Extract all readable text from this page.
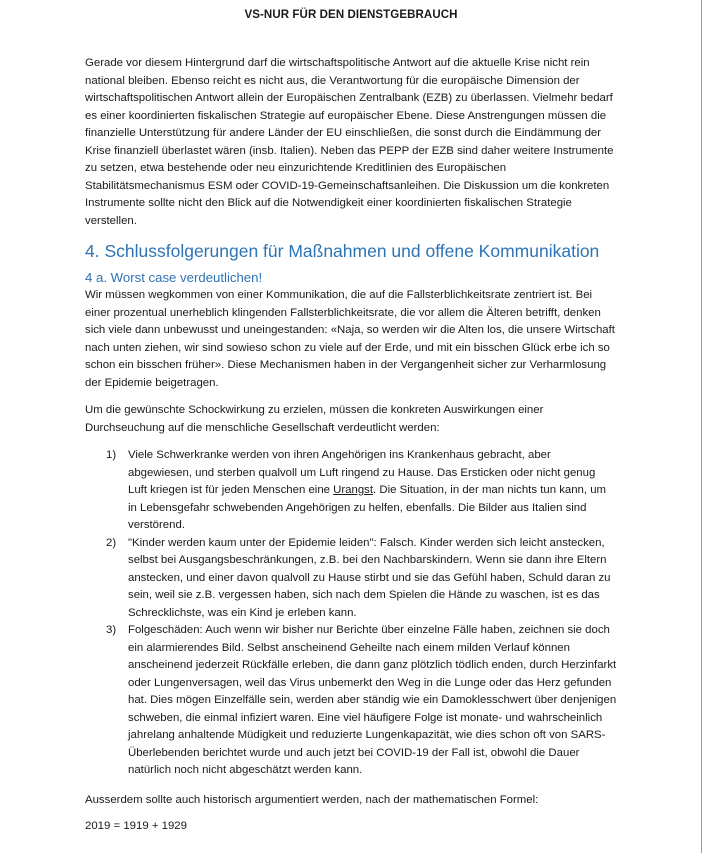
VS-NUR FÜR DEN DIENSTGEBRAUCH

Gerade vor diesem Hintergrund darf die wirtschaftspolitische Antwort auf die aktuelle Krise nicht rein national bleiben. Ebenso reicht es nicht aus, die Verantwortung für die europäische Dimension der wirtschaftspolitischen Antwort allein der Europäischen Zentralbank (EZB) zu überlassen. Vielmehr bedarf es einer koordinierten fiskalischen Strategie auf europäischer Ebene. Diese Anstrengungen müssen die finanzielle Unterstützung für andere Länder der EU einschließen, die sonst durch die Eindämmung der Krise finanziell überlastet wären (insb. Italien). Neben das PEPP der EZB sind daher weitere Instrumente zu setzen, etwa bestehende oder neu einzurichtende Kreditlinien des Europäischen Stabilitätsmechanismus ESM oder COVID-19-Gemeinschaftsanleihen. Die Diskussion um die konkreten Instrumente sollte nicht den Blick auf die Notwendigkeit einer koordinierten fiskalischen Strategie verstellen.

4. Schlussfolgerungen für Maßnahmen und offene Kommunikation
4 a. Worst case verdeutlichen!

Wir müssen wegkommen von einer Kommunikation, die auf die Fallsterblichkeitsrate zentriert ist. Bei einer prozentual unerheblich klingenden Fallsterblichkeitsrate, die vor allem die Älteren betrifft, denken sich viele dann unbewusst und uneingestanden: «Naja, so werden wir die Alten los, die unsere Wirtschaft nach unten ziehen, wir sind sowieso schon zu viele auf der Erde, und mit ein bisschen Glück erbe ich so schon ein bisschen früher». Diese Mechanismen haben in der Vergangenheit sicher zur Verharmlosung der Epidemie beigetragen.

Um die gewünschte Schockwirkung zu erzielen, müssen die konkreten Auswirkungen einer Durchseuchung auf die menschliche Gesellschaft verdeutlicht werden:

1) Viele Schwerkranke werden von ihren Angehörigen ins Krankenhaus gebracht, aber abgewiesen, und sterben qualvoll um Luft ringend zu Hause. Das Ersticken oder nicht genug Luft kriegen ist für jeden Menschen eine Urangst. Die Situation, in der man nichts tun kann, um in Lebensgefahr schwebenden Angehörigen zu helfen, ebenfalls. Die Bilder aus Italien sind verstörend.
2) "Kinder werden kaum unter der Epidemie leiden": Falsch. Kinder werden sich leicht anstecken, selbst bei Ausgangsbeschränkungen, z.B. bei den Nachbarskindern. Wenn sie dann ihre Eltern anstecken, und einer davon qualvoll zu Hause stirbt und sie das Gefühl haben, Schuld daran zu sein, weil sie z.B. vergessen haben, sich nach dem Spielen die Hände zu waschen, ist es das Schrecklichste, was ein Kind je erleben kann.
3) Folgeschäden: Auch wenn wir bisher nur Berichte über einzelne Fälle haben, zeichnen sie doch ein alarmierendes Bild. Selbst anscheinend Geheilte nach einem milden Verlauf können anscheinend jederzeit Rückfälle erleben, die dann ganz plötzlich tödlich enden, durch Herzinfarkt oder Lungenversagen, weil das Virus unbemerkt den Weg in die Lunge oder das Herz gefunden hat. Dies mögen Einzelfälle sein, werden aber ständig wie ein Damoklesschwert über denjenigen schweben, die einmal infiziert waren. Eine viel häufigere Folge ist monate- und wahrscheinlich jahrelang anhaltende Müdigkeit und reduzierte Lungenkapazität, wie dies schon oft von SARS-Überlebenden berichtet wurde und auch jetzt bei COVID-19 der Fall ist, obwohl die Dauer natürlich noch nicht abgeschätzt werden kann.

Ausserdem sollte auch historisch argumentiert werden, nach der mathematischen Formel:

2019 = 1919 + 1929
